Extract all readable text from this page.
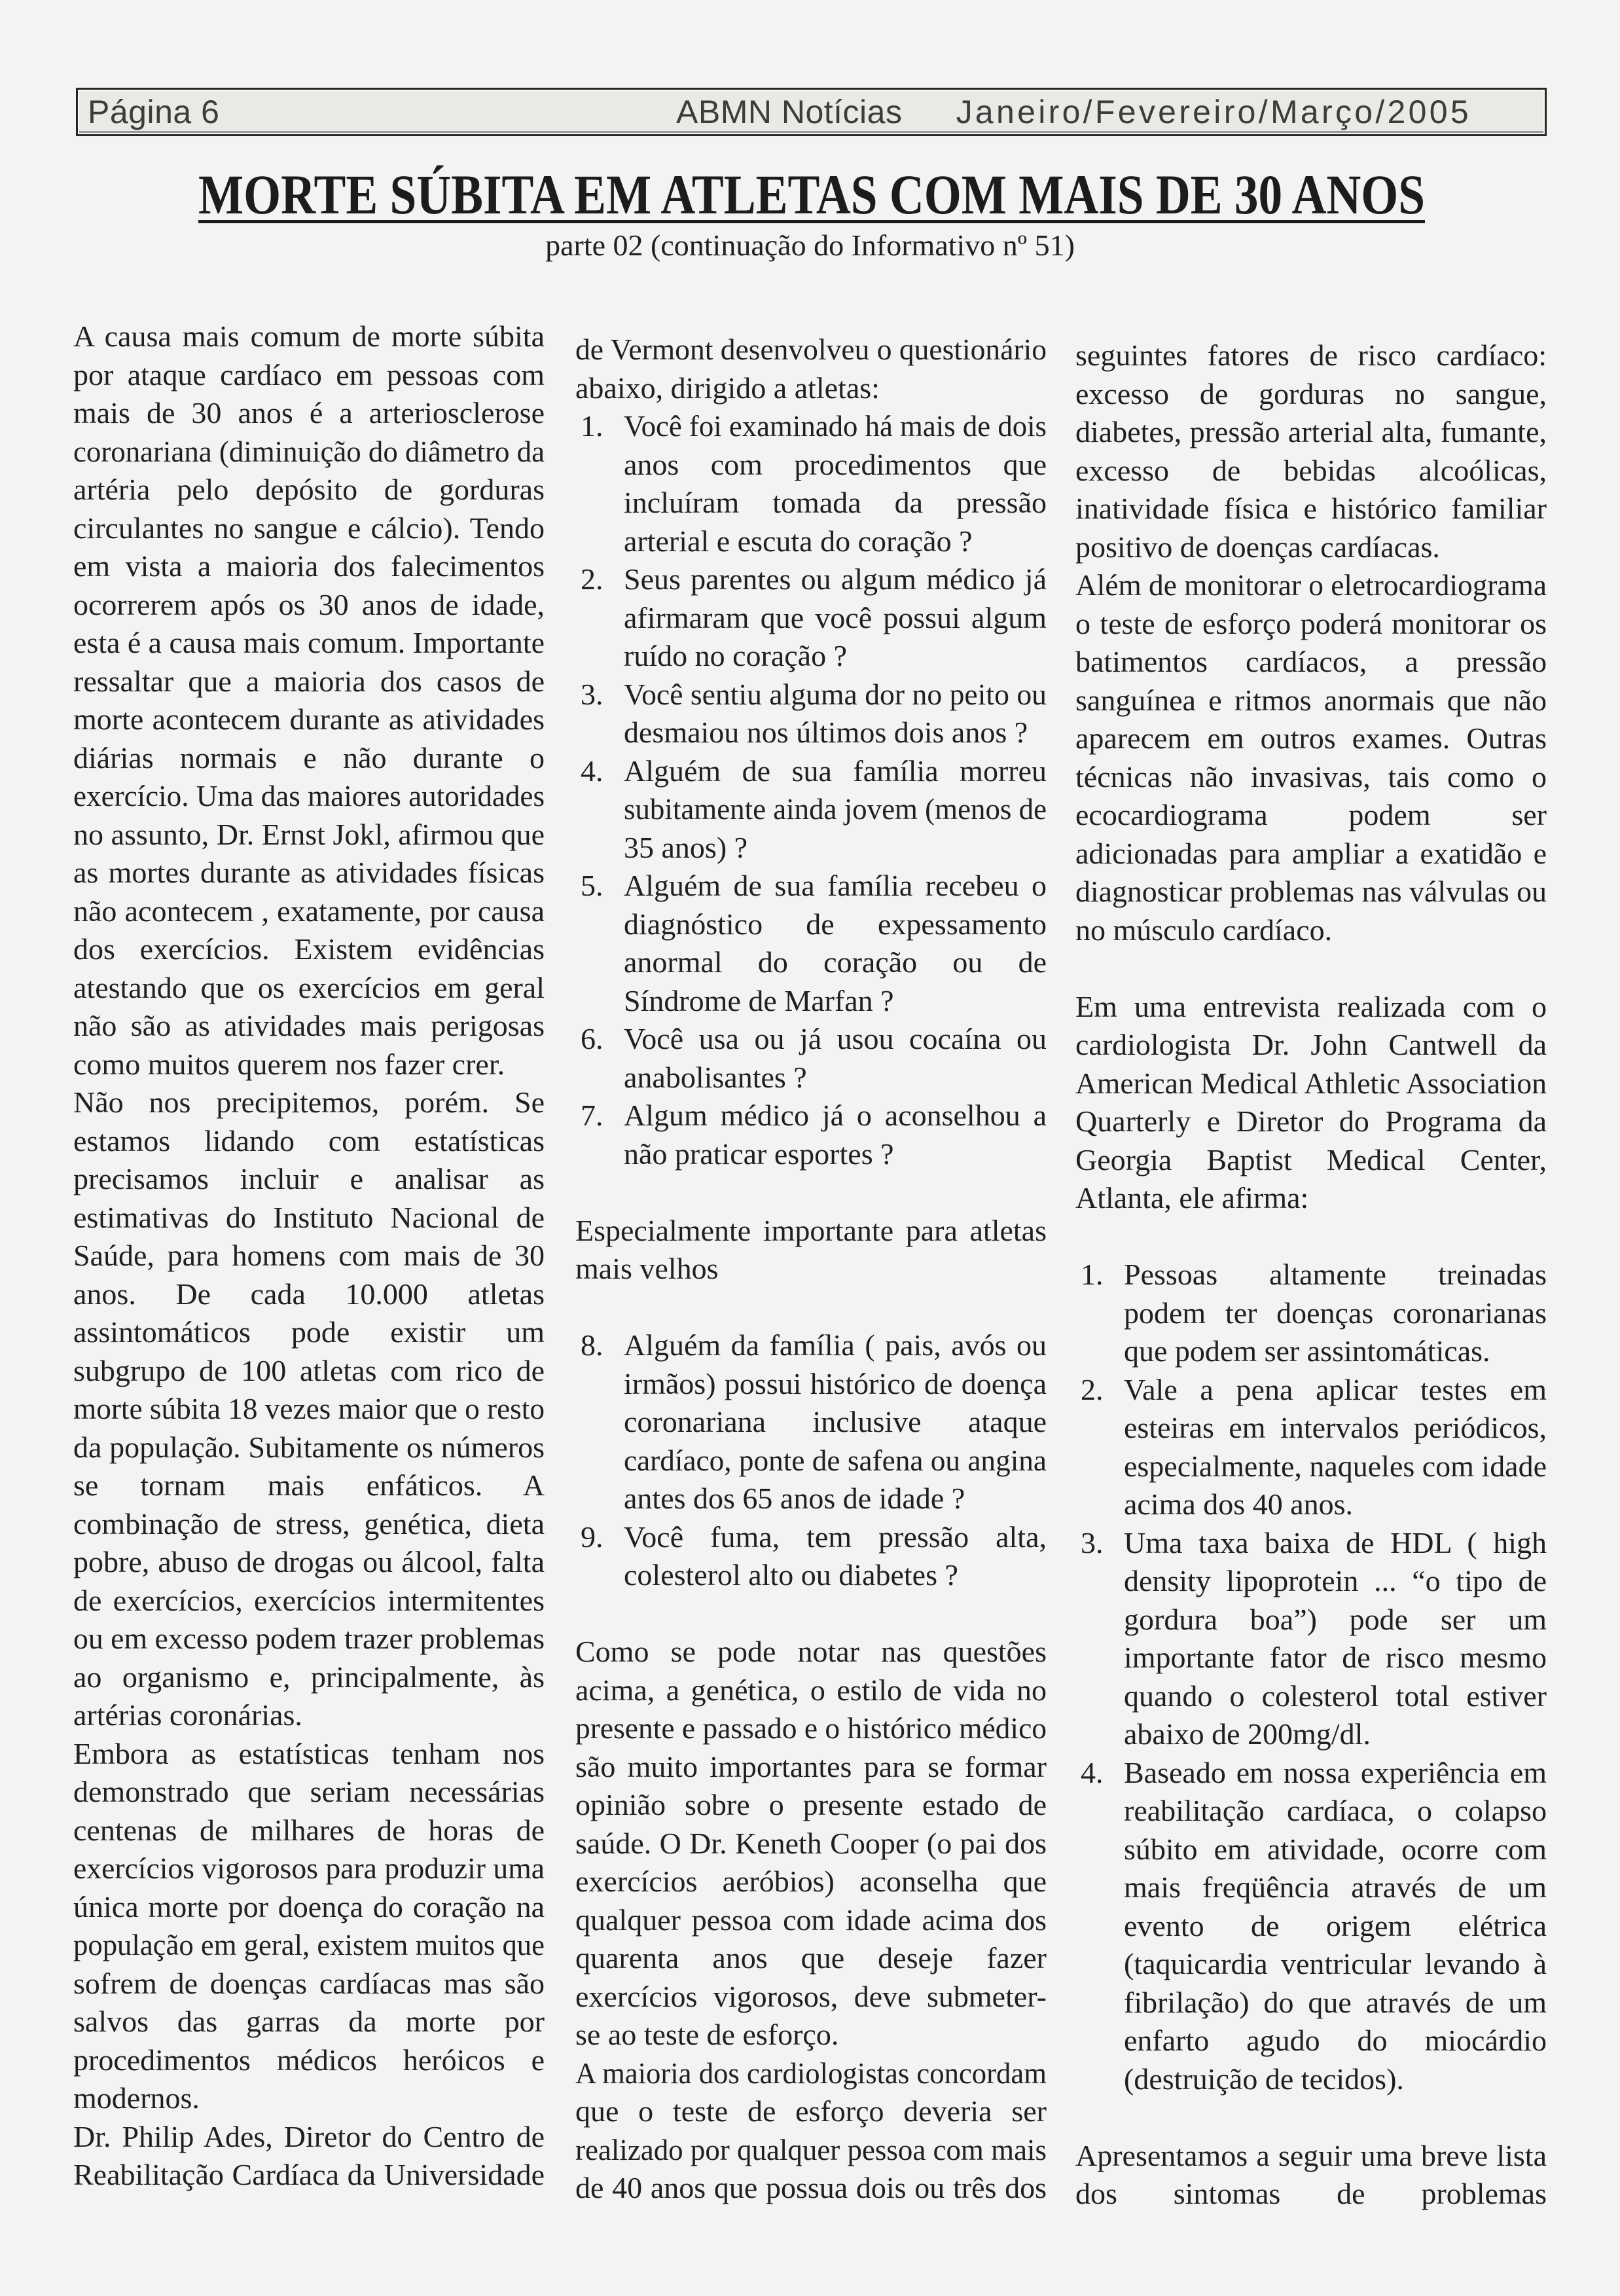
Página 6	ABMN Notícias Janeiro/Fevereiro/Março/2005
MORTE SÚBITA EM ATLETAS COM MAIS DE 30 ANOS
parte 02 (continuação do Informativo nº 51)
A causa mais comum de morte súbita
por ataque cardíaco em pessoas com
mais de 30 anos é a arteriosclerose
coronariana (diminuição do diâmetro da
artéria pelo depósito de gorduras
circulantes no sangue e cálcio). Tendo
em vista a maioria dos falecimentos
ocorrerem após os 30 anos de idade,
esta é a causa mais comum. Importante
ressaltar que a maioria dos casos de
morte acontecem durante as atividades
diárias normais e não durante o
exercício. Uma das maiores autoridades
no assunto, Dr. Ernst Jokl, afirmou que
as mortes durante as atividades físicas
não acontecem , exatamente, por causa
dos exercícios. Existem evidências
atestando que os exercícios em geral
não são as atividades mais perigosas
como muitos querem nos fazer crer.
Não nos precipitemos, porém. Se
estamos lidando com estatísticas
precisamos incluir e analisar as
estimativas do Instituto Nacional de
Saúde, para homens com mais de 30
anos. De cada 10.000 atletas
assintomáticos pode existir um
subgrupo de 100 atletas com rico de
morte súbita 18 vezes maior que o resto
da população. Subitamente os números
se tornam mais enfáticos. A
combinação de stress, genética, dieta
pobre, abuso de drogas ou álcool, falta
de exercícios, exercícios intermitentes
ou em excesso podem trazer problemas
ao organismo e, principalmente, às
artérias coronárias.
Embora as estatísticas tenham nos
demonstrado que seriam necessárias
centenas de milhares de horas de
exercícios vigorosos para produzir uma
única morte por doença do coração na
população em geral, existem muitos que
sofrem de doenças cardíacas mas são
salvos das garras da morte por
procedimentos médicos heróicos e
modernos.
Dr. Philip Ades, Diretor do Centro de
Reabilitação Cardíaca da Universidade
de Vermont desenvolveu o questionário
abaixo, dirigido a atletas:
1. Você foi examinado há mais de dois
anos com procedimentos que
incluíram tomada da pressão
arterial e escuta do coração ?
2. Seus parentes ou algum médico já
afirmaram que você possui algum
ruído no coração ?
3. Você sentiu alguma dor no peito ou
desmaiou nos últimos dois anos ?
4. Alguém de sua família morreu
subitamente ainda jovem (menos de
35 anos) ?
5. Alguém de sua família recebeu o
diagnóstico de expessamento
anormal do coração ou de
Síndrome de Marfan ?
6. Você usa ou já usou cocaína ou
anabolisantes ?
7. Algum médico já o aconselhou a
não praticar esportes ?
Especialmente importante para atletas
mais velhos
8. Alguém da família ( pais, avós ou
irmãos) possui histórico de doença
coronariana inclusive ataque
cardíaco, ponte de safena ou angina
antes dos 65 anos de idade ?
9. Você fuma, tem pressão alta,
colesterol alto ou diabetes ?
Como se pode notar nas questões
acima, a genética, o estilo de vida no
presente e passado e o histórico médico
são muito importantes para se formar
opinião sobre o presente estado de
saúde. O Dr. Keneth Cooper (o pai dos
exercícios aeróbios) aconselha que
qualquer pessoa com idade acima dos
quarenta anos que deseje fazer
exercícios vigorosos, deve submeter-
se ao teste de esforço.
A maioria dos cardiologistas concordam
que o teste de esforço deveria ser
realizado por qualquer pessoa com mais
de 40 anos que possua dois ou três dos
seguintes fatores de risco cardíaco:
excesso de gorduras no sangue,
diabetes, pressão arterial alta, fumante,
excesso de bebidas alcoólicas,
inatividade física e histórico familiar
positivo de doenças cardíacas.
Além de monitorar o eletrocardiograma
o teste de esforço poderá monitorar os
batimentos cardíacos, a pressão
sanguínea e ritmos anormais que não
aparecem em outros exames. Outras
técnicas não invasivas, tais como o
ecocardiograma podem ser
adicionadas para ampliar a exatidão e
diagnosticar problemas nas válvulas ou
no músculo cardíaco.
Em uma entrevista realizada com o
cardiologista Dr. John Cantwell da
American Medical Athletic Association
Quarterly e Diretor do Programa da
Georgia Baptist Medical Center,
Atlanta, ele afirma:
1. Pessoas altamente treinadas
podem ter doenças coronarianas
que podem ser assintomáticas.
2. Vale a pena aplicar testes em
esteiras em intervalos periódicos,
especialmente, naqueles com idade
acima dos 40 anos.
3. Uma taxa baixa de HDL ( high
density lipoprotein ... “o tipo de
gordura boa”) pode ser um
importante fator de risco mesmo
quando o colesterol total estiver
abaixo de 200mg/dl.
4. Baseado em nossa experiência em
reabilitação cardíaca, o colapso
súbito em atividade, ocorre com
mais freqüência através de um
evento de origem elétrica
(taquicardia ventricular levando à
fibrilação) do que através de um
enfarto agudo do miocárdio
(destruição de tecidos).
Apresentamos a seguir uma breve lista
dos sintomas de problemas
